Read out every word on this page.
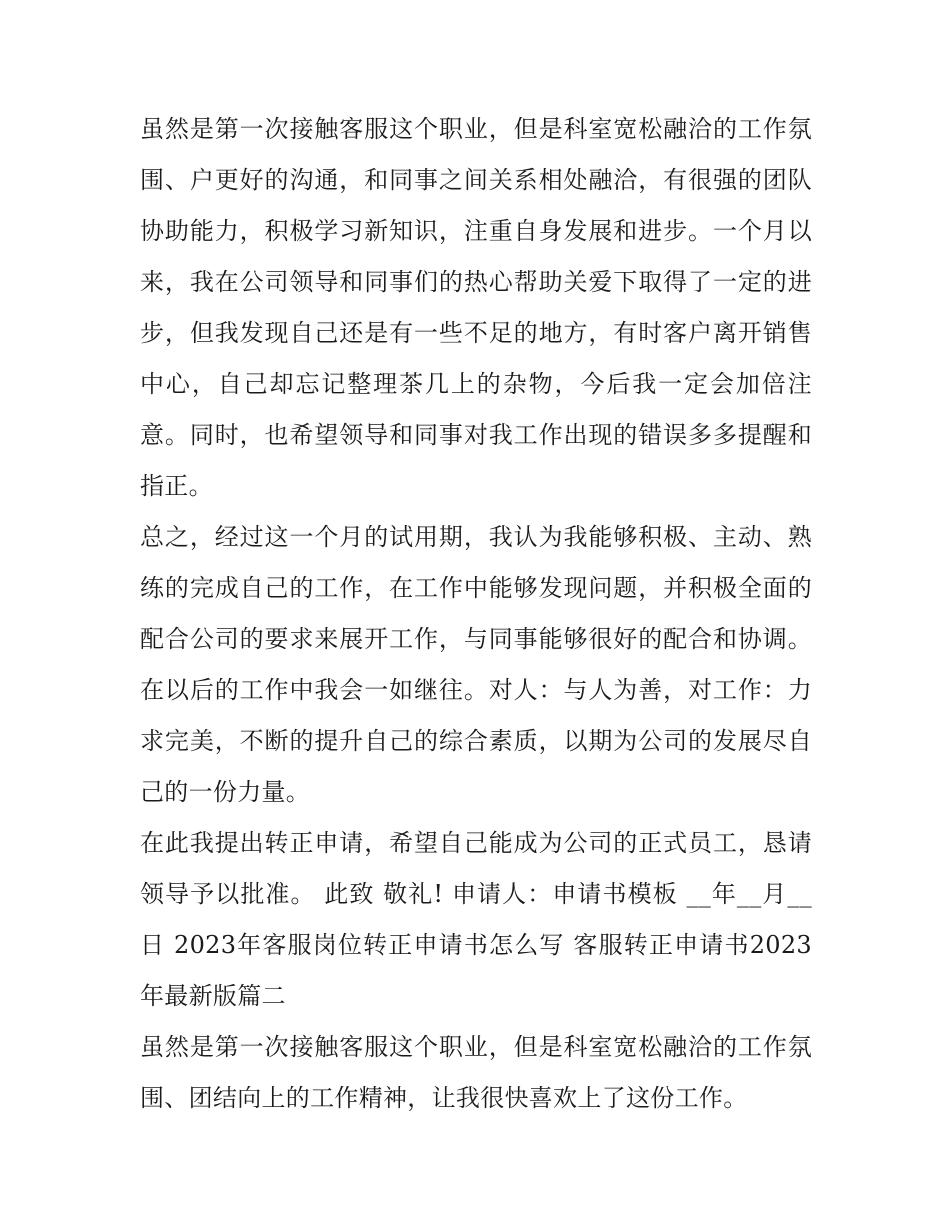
虽然是第一次接触客服这个职业，但是科室宽松融洽的工作氛围、户更好的沟通，和同事之间关系相处融洽，有很强的团队协助能力，积极学习新知识，注重自身发展和进步。一个月以来，我在公司领导和同事们的热心帮助关爱下取得了一定的进步，但我发现自己还是有一些不足的地方，有时客户离开销售中心，自己却忘记整理茶几上的杂物，今后我一定会加倍注意。同时，也希望领导和同事对我工作出现的错误多多提醒和指正。

总之，经过这一个月的试用期，我认为我能够积极、主动、熟练的完成自己的工作，在工作中能够发现问题，并积极全面的配合公司的要求来展开工作，与同事能够很好的配合和协调。在以后的工作中我会一如继往。对人：与人为善，对工作：力求完美，不断的提升自己的综合素质，以期为公司的发展尽自己的一份力量。

在此我提出转正申请，希望自己能成为公司的正式员工，恳请领导予以批准。 此致 敬礼! 申请人：申请书模板 __年__月__日 2023年客服岗位转正申请书怎么写 客服转正申请书2023年最新版篇二

虽然是第一次接触客服这个职业，但是科室宽松融洽的工作氛围、团结向上的工作精神，让我很快喜欢上了这份工作。
